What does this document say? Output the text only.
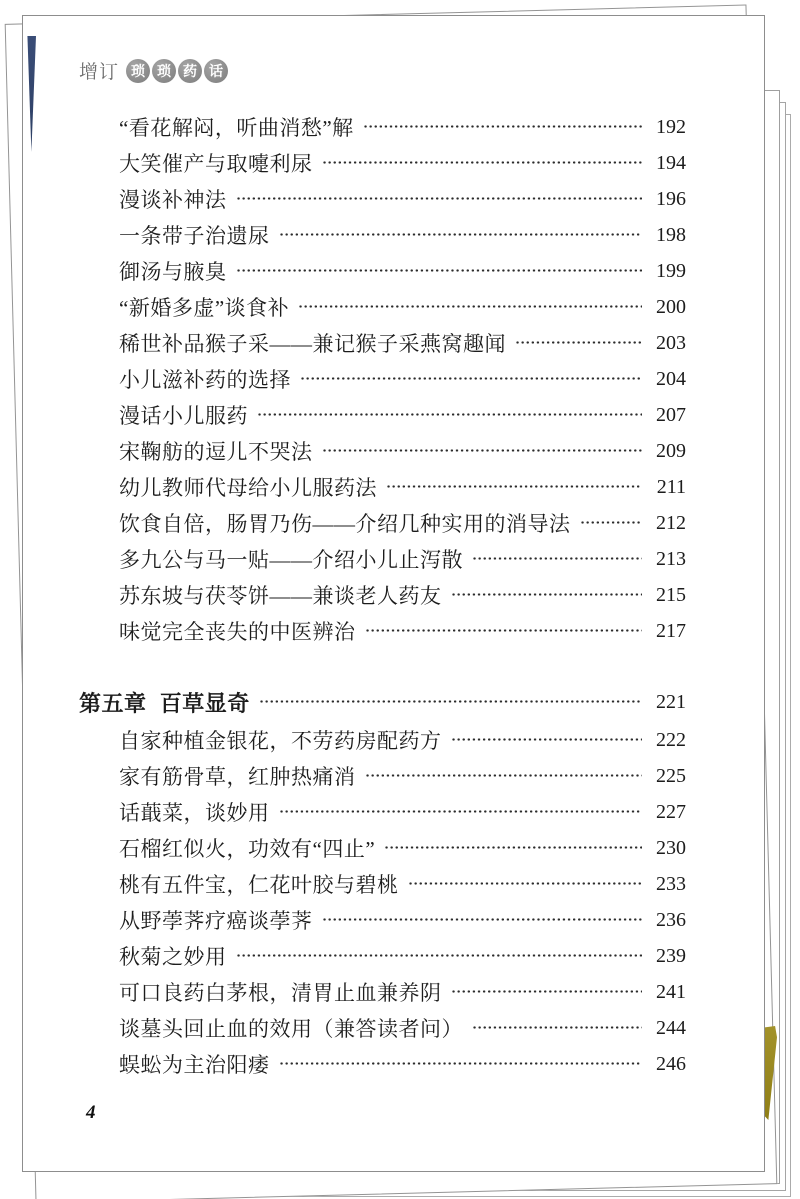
增订 琐 琐 药 话
“看花解闷，听曲消愁”解	192
大笑催产与取嚏利尿	194
漫谈补神法	196
一条带子治遗尿	198
御汤与腋臭	199
“新婚多虚”谈食补	200
稀世补品猴子采——兼记猴子采燕窝趣闻	203
小儿滋补药的选择	204
漫话小儿服药	207
宋鞠舫的逗儿不哭法	209
幼儿教师代母给小儿服药法	211
饮食自倍，肠胃乃伤——介绍几种实用的消导法	212
多九公与马一贴——介绍小儿止泻散	213
苏东坡与茯苓饼——兼谈老人药友	215
味觉完全丧失的中医辨治	217
第五章  百草显奇	221
自家种植金银花，不劳药房配药方	222
家有筋骨草，红肿热痛消	225
话蕺菜，谈妙用	227
石榴红似火，功效有“四止”	230
桃有五件宝，仁花叶胶与碧桃	233
从野荸荠疗癌谈荸荠	236
秋菊之妙用	239
可口良药白茅根，清胃止血兼养阴	241
谈墓头回止血的效用（兼答读者问）	244
蜈蚣为主治阳痿	246
4
